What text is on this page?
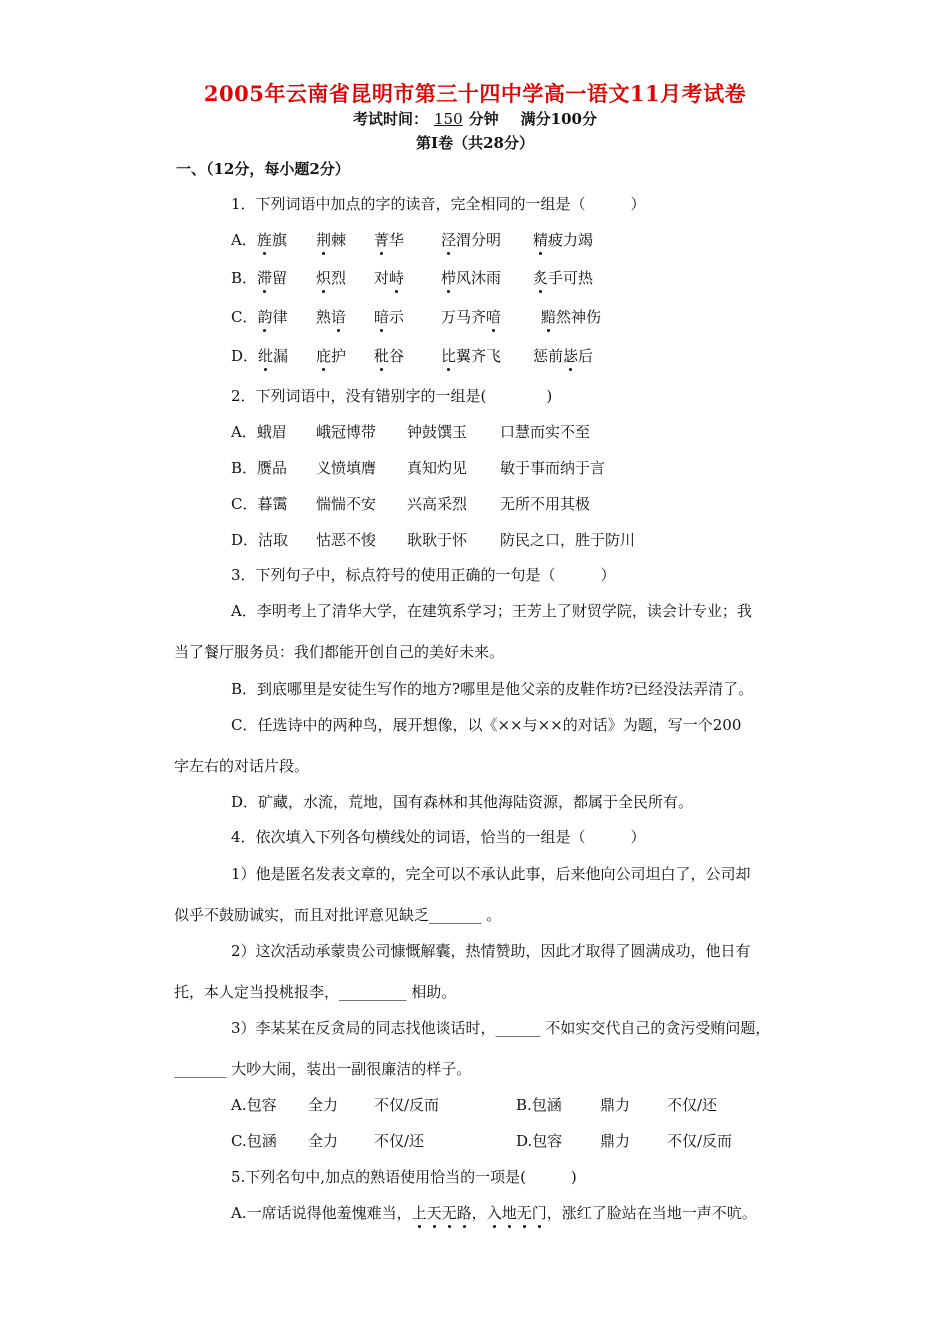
2005年云南省昆明市第三十四中学高一语文11月考试卷
考试时间： 150 分钟 满分100分
第Ⅰ卷（共28分）
一、（12分，每小题2分）
1．下列词语中加点的字的读音，完全相同的一组是（　　　）
A．旌旗 荆棘 菁华 泾渭分明 精疲力竭
B．滞留 炽烈 对峙 栉风沐雨 炙手可热
C．韵律 熟谙 暗示 万马齐喑	黯然神伤
D．纰漏 庇护 秕谷 比翼齐飞 惩前毖后
2．下列词语中，没有错别字的一组是(　　　　)
A．蛾眉 峨冠博带 钟鼓馔玉 口慧而实不至
B．赝品 义愤填膺 真知灼见 敏于事而纳于言
C．暮霭 惴惴不安 兴高采烈 无所不用其极
D．沽取 怙恶不悛 耿耿于怀 防民之口，胜于防川
3．下列句子中，标点符号的使用正确的一句是（　　　）
A．李明考上了清华大学，在建筑系学习；王芳上了财贸学院，读会计专业；我
当了餐厅服务员：我们都能开创自己的美好未来。
B．到底哪里是安徒生写作的地方?哪里是他父亲的皮鞋作坊?已经没法弄清了。
C．任选诗中的两种鸟，展开想像，以《××与××的对话》为题，写一个200
字左右的对话片段。
D．矿藏，水流，荒地，国有森林和其他海陆资源，都属于全民所有。
4．依次填入下列各句横线处的词语，恰当的一组是（　　　）
1）他是匿名发表文章的，完全可以不承认此事，后来他向公司坦白了，公司却
似乎不鼓励诚实，而且对批评意见缺乏_______ 。
2）这次活动承蒙贵公司慷慨解囊，热情赞助，因此才取得了圆满成功，他日有
托，本人定当投桃报李，_________ 相助。
3）李某某在反贪局的同志找他谈话时，______ 不如实交代自己的贪污受贿问题，
_______ 大吵大闹，装出一副很廉洁的样子。
A.包容 全力 不仅/反而	B.包涵	鼎力 不仅/还
C.包涵 全力 不仅/还	D.包容	鼎力 不仅/反而
5.下列名句中,加点的熟语使用恰当的一项是(　　　)
A.一席话说得他羞愧难当，上天无路，入地无门，涨红了脸站在当地一声不吭。
